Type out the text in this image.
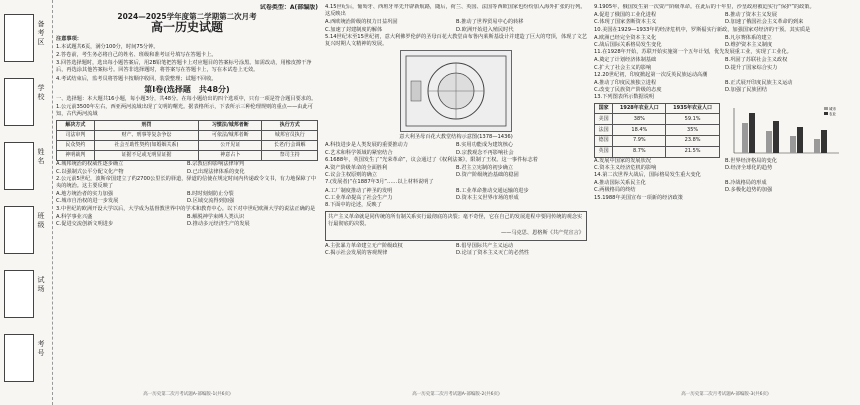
备考区
学校
姓名
班级
试场
考号
试卷类型：A(部编版)
2024—2025学年度第二学期第二次月考
高一历史试题

注意事项：

1.本试题共6页，满分100分，时间75分钟。

2.答卷前，考生务必将自己的姓名、班级和准考证号填写在答题卡上。

3.回答选择题时，选出每小题答案后，用2B铅笔把答题卡上对应题目的答案标号涂黑。如需改动，用橡皮擦干净后，再选涂其他答案标号。回答非选择题时，将答案写在答题卡上，写在本试卷上无效。

4.考试结束后，监考员将答题卡按顺序收回，装袋整理；试题不回收。

第Ⅰ卷(选择题　共48分)

一、选择题：本大题共16小题，每小题3分，共48分。在每小题给出的四个选项中，只有一项是符合题目要求的。

1.公元前3500年左右，西亚两河流域出现了文明的曙光。据表格所示，下表所示三种伦理规则的重点——由此可知，古代两河流域

解决方式	刑罚	习惯法/城邦者断	执行方式
司法审判	财产、刑事等复杂争讼	可依法/城邦者断	城邦官员执行
民众契约	社会互助性契约(如婚姻关系)	公开见证	长老/行会调解
神明裁判	证据不足或无明显证据	神意占卜	祭司主持
A.城邦统治的权威性逐步确立	B.宗教信仰影响法律审判
C.以强制式公平分配文化产物	D.已出现法律体系的变化

2.公元前5世纪，波斯帝国建立了约2700公里长的驿道，驿道的信使在规定时间内传递政令文书，有力地保障了中央的统治。这主要反映了

A.地方统治者的实力加强	B.时时刻刻防止分裂
C.城市自治权的进一步发展	D.区域交流得到加强

3.中世纪的欧洲开设大学以后，大学成为基督教世界中的学术和教育中心。以下对中世纪欧洲大学的说法正确的是

A.科学事业兴盛	B.解脱神学束缚人类认识
C.促进交流创新文明进步	D.推动多元经济生产的发展
高一历史第二次月考试题A-部编版-1(共6页)

4.15世纪后，葡萄牙、西班牙率先开辟新航路，随后，荷兰、英国、法国等西欧国家也纷纷加入海外扩张的行列。这反映出

A.西欧统治阶级的权力日益巩固	B.推动了世界贸易中心的转移
C.加速了封建制度的解体	D.欧洲开始进入殖民时代

5.14世纪末至15世纪初，意大利佛罗伦萨的圣母百花大教堂由布鲁内莱斯基设计并建造了巨大的穹顶，体现了文艺复兴时期人文精神的发展。

意大利圣母百花大教堂结构示意图(1378—1436)

A.科技进步是人类发展的重要推动力	B.实用功能成为建筑核心
C.艺术和科学领域的紧密结合	D.宗教观念不再影响社会

6.1688年，英国发生了“光荣革命”，议会通过了《权利法案》，限制了王权。这一事件标志着

A.资产阶级革命的全面胜利	B.君主立宪制的初步确立
C.议会主权原则的确立	D.资产阶级统治基础的稳固

7.(发展者)“在1887年3月”……以上材料说明了

A.工厂制度推动了神圣的发明	B.工业革命推动交通运输的进步
C.工业革命提高了社会生产力	D.资本主义世界市场的形成

8.下面中的论述，反映了

共产主义革命就是同传统的所有制关系实行最彻底的决裂；毫不奇怪，它在自己的发展进程中要同传统的观念实行最彻底的决裂。

——马克思、恩格斯《共产党宣言》

A.主张暴力革命建立无产阶级政权	B.倡导国际共产主义运动
C.揭示社会发展的客观规律	D.论证了资本主义灭亡的必然性
高一历史第二次月考试题A-部编版-2(共6页)

9.1905年，俄国发生第一次资产阶级革命。在此后的十年里，沙皇政府被迫实行“保护”的政策。

A.促进了俄国的工业化进程	B.推动了资本主义发展
C.体现了国家垄断资本主义	D.加速了俄国社会主义革命的到来

10.美国在1929—1933年的经济危机中，罗斯福实行新政，加强国家对经济的干预。其实质是

A.欧洲已经完全资本主义化	B.凡尔赛体系的建立
C.战后国际关系格局发生变化	D.维护资本主义制度

11.在1928年开始，苏联开始实施第一个五年计划，优先发展重工业，实现了工业化。

A.奠定了计划经济体制基础	B.巩固了苏联社会主义政权
C.扩大了社会主义的影响	D.提升了国家综合实力

12.20世纪初，印度掀起第一次反英民族运动高潮

A.推动了印度民族独立进程	B.正式展开印度民族主义运动
C.改变了民族资产阶级的态度	D.加强了民族团结

13.下列图表所示数据说明

国家	1928年农业人口	1935年农业人口
美国	38%	59.1%
法国	18.4%	35%
德国	7.9%	23.8%
英国	8.7%	21.5%
城市
农业
A.发展中国家的发展状况	B.世界经济格局的变化
C.资本主义经济危机的影响	D.经济全球化的趋势

14.第二次世界大战后，国际格局发生重大变化

A.推动国际关系民主化	B.冷战格局的形成
C.两极格局的终结	D.多极化趋势的加强

15.1988年美国宣布一项新的经济政策

高一历史第二次月考试题A-部编版-3(共6页)
